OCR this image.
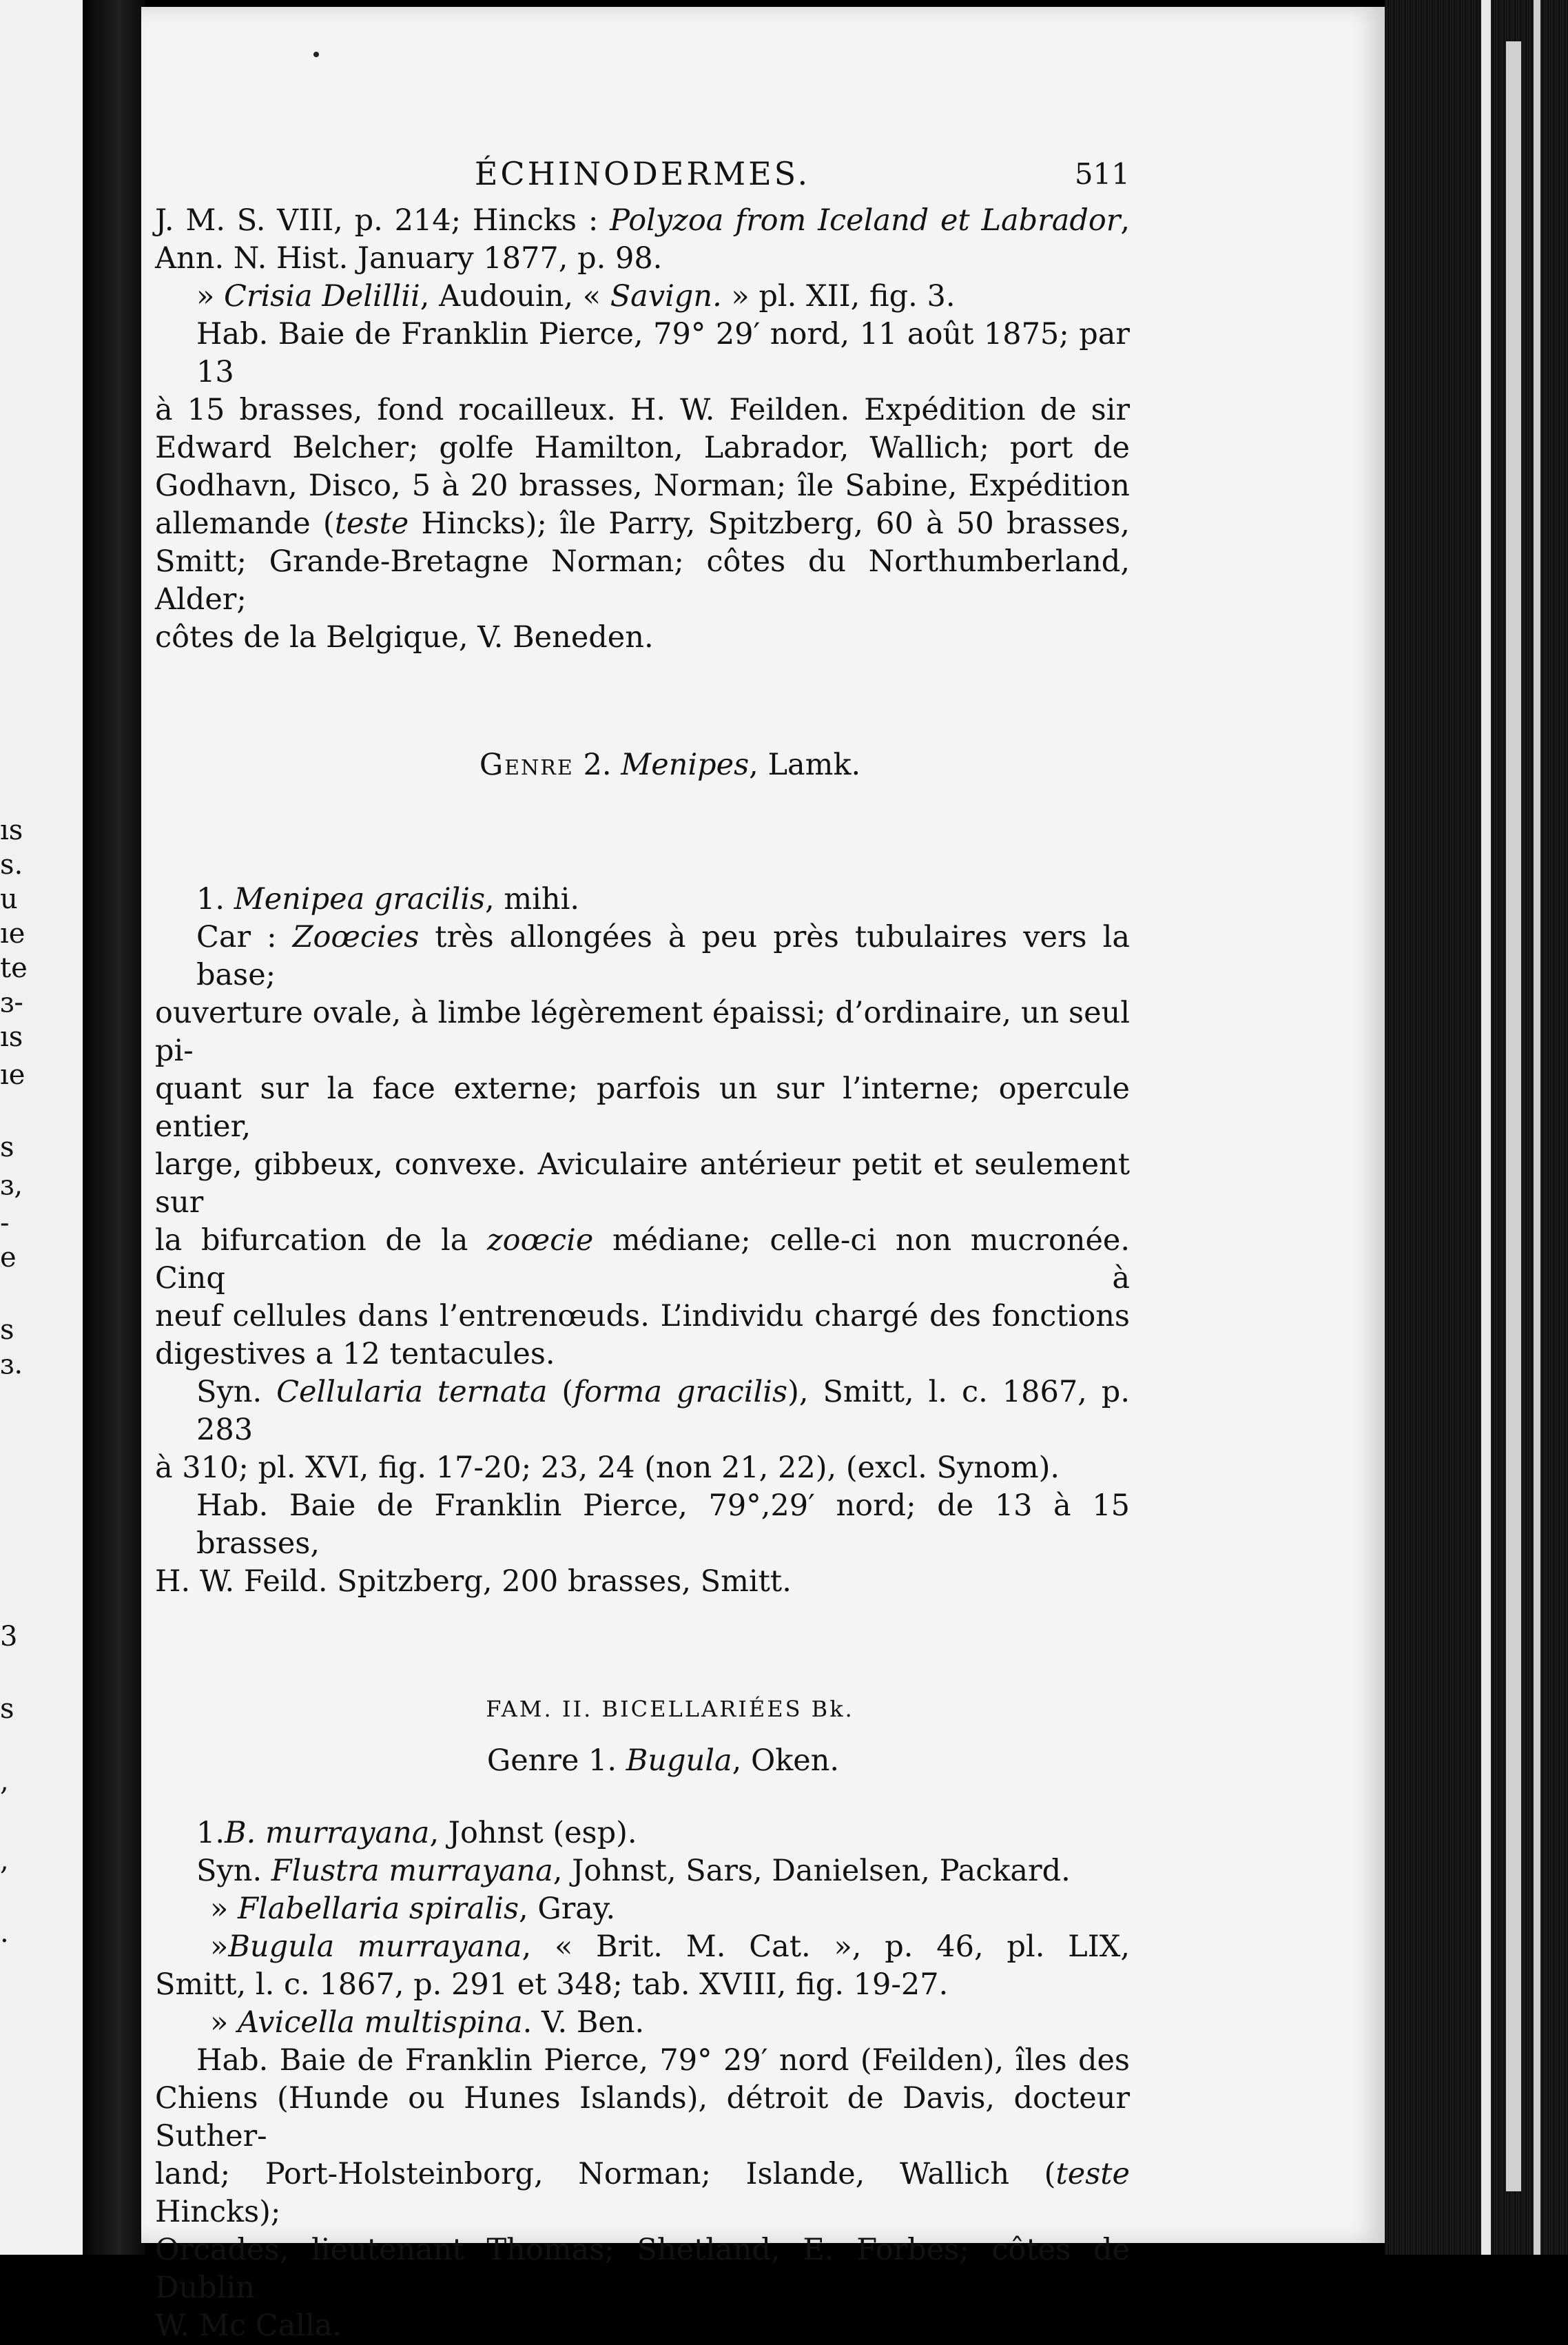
ıs
s.
u
ıe
te
ɜ-
ıs
ıe
s
ɜ,
-
e
s
ɜ.
3
s
,
,
.
ÉCHINODERMES.	511
J. M. S. VIII, p. 214; Hincks : Polyzoa from Iceland et Labrador,
Ann. N. Hist. January 1877, p. 98.
» Crisia Delillii, Audouin, « Savign. » pl. XII, fig. 3.
Hab. Baie de Franklin Pierce, 79° 29′ nord, 11 août 1875; par 13
à 15 brasses, fond rocailleux. H. W. Feilden. Expédition de sir
Edward Belcher; golfe Hamilton, Labrador, Wallich; port de
Godhavn, Disco, 5 à 20 brasses, Norman; île Sabine, Expédition
allemande (teste Hincks); île Parry, Spitzberg, 60 à 50 brasses,
Smitt; Grande-Bretagne Norman; côtes du Northumberland, Alder;
côtes de la Belgique, V. Beneden.
Genre 2. Menipes, Lamk.
1. Menipea gracilis, mihi.
Car : Zoœcies très allongées à peu près tubulaires vers la base;
ouverture ovale, à limbe légèrement épaissi; d’ordinaire, un seul pi-
quant sur la face externe; parfois un sur l’interne; opercule entier,
large, gibbeux, convexe. Aviculaire antérieur petit et seulement sur
la bifurcation de la zoœcie médiane; celle-ci non mucronée. Cinq à
neuf cellules dans l’entrenœuds. L’individu chargé des fonctions
digestives a 12 tentacules.
Syn. Cellularia ternata (forma gracilis), Smitt, l. c. 1867, p. 283
à 310; pl. XVI, fig. 17-20; 23, 24 (non 21, 22), (excl. Synom).
Hab. Baie de Franklin Pierce, 79°,29′ nord; de 13 à 15 brasses,
H. W. Feild. Spitzberg, 200 brasses, Smitt.
FAM. II. BICELLARIÉES Bk.
Genre 1. Bugula, Oken.
1.B. murrayana, Johnst (esp).
Syn. Flustra murrayana, Johnst, Sars, Danielsen, Packard.
» Flabellaria spiralis, Gray.
»Bugula murrayana, « Brit. M. Cat. », p. 46, pl. LIX,
Smitt, l. c. 1867, p. 291 et 348; tab. XVIII, fig. 19-27.
» Avicella multispina. V. Ben.
Hab. Baie de Franklin Pierce, 79° 29′ nord (Feilden), îles des
Chiens (Hunde ou Hunes Islands), détroit de Davis, docteur Suther-
land; Port-Holsteinborg, Norman; Islande, Wallich (teste Hincks);
Orcades, lieutenant Thomas; Shetland, E. Forbes; côtes de Dublin
W. Mc Calla.
